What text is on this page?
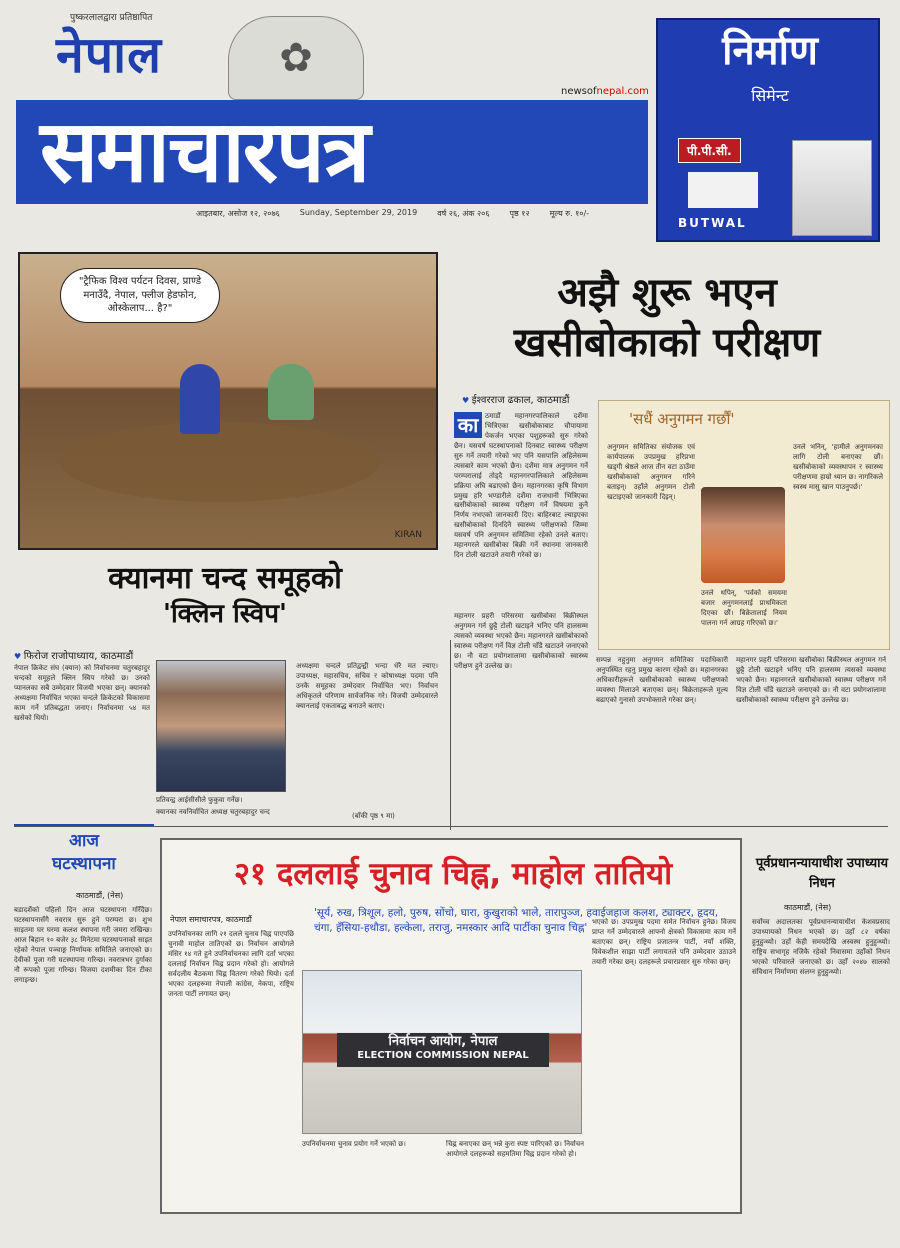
पुष्करलालद्वारा प्रतिष्ठापित
नेपाल	✿
newsofnepal.com
समाचारपत्र
आइतबार, असोज १२, २०७६	Sunday, September 29, 2019	वर्ष २६, अंक २०६	पृष्ठ १२	मूल्य रु. १०/-
निर्माण
सिमेन्ट
पी.पी.सी.
BUTWAL
"ट्रैफिक विश्व पर्यटन दिवस, प्राण्डे मनाउँदै, नेपाल, फ्लीज हेडफोन, ओस्केलाप... है?"
KIRAN
अझै शुरू भएन
खसीबोकाको परीक्षण
♥ ईश्वरराज ढकाल, काठमाडौं
का ठमाडौं महानगरपालिकाले दशैंमा भित्रिएका खसीबोकाबाट चौपायामा पेकर्जन भएका पशुहरूको सुरु गरेको छैन। यसवर्ष घटस्थापनाको दिनबाट स्वास्थ्य परीक्षण सुरु गर्ने तयारी गरेको भए पनि यसपालि अहिलेसम्म त्यसबारे काम भएको छैन। दशैंमा मात्र अनुगमन गर्ने परम्परालाई तोड्दै महानगरपालिकाले अहिलेसम्म प्रक्रिया अघि बढाएको छैन। महानगरका कृषि विभाग प्रमुख हरि भण्डारीले दशैंमा राजधानी भित्रिएका खसीबोकाको स्वास्थ्य परीक्षण गर्ने विषयमा कुनै निर्णय नभएको जानकारी दिए। बाहिरबाट ल्याइएका खसीबोकाको दिनदिनै स्वास्थ्य परीक्षणको जिम्मा यसवर्ष पनि अनुगमन समितिमा रहेको उनले बताए। महानगरले खसीबोका बिक्री गर्ने स्थानमा जानकारी दिन टोली खटाउने तयारी गरेको छ।
महानगर प्रहरी परिसरमा खसीबोका बिक्रीस्थल अनुगमन गर्न छुट्टै टोली खटाइने भनिए पनि हालसम्म त्यसको व्यवस्था भएको छैन। महानगरले खसीबोकाको स्वास्थ्य परीक्षण गर्ने विज्ञ टोली चाँडै खटाउने जनाएको छ। नौ वटा प्रयोगशालामा खसीबोकाको स्वास्थ्य परीक्षण हुने उल्लेख छ।
'सधैं अनुगमन गर्छौं'
अनुगमन समितिका संयोजक एवं कार्यपालक उपप्रमुख हरिप्रभा खड्गी श्रेष्ठले आज तीन वटा ठाउँमा खसीबोकाको अनुगमन गरिने बताइन्। उहाँले अनुगमन टोली खटाइएको जानकारी दिइन्।
उनले भनिन्, 'हामीले अनुगमनका लागि टोली बनाएका छौं। खसीबोकाको व्यवस्थापन र स्वास्थ्य परीक्षणमा हाम्रो ध्यान छ। नागरिकले स्वस्थ मासु खान पाउनुपर्छ।'
उनले थपिन्, 'पर्वको समयमा बजार अनुगमनलाई प्राथमिकता दिएका छौं। बिक्रेतालाई नियम पालना गर्न आग्रह गरिएको छ।'
सम्पन्न नहुनुमा अनुगमन समितिका पदाधिकारी अनुपस्थित रहनु प्रमुख कारण रहेको छ। महानगरका अधिकारीहरूले खसीबोकाको स्वास्थ्य परीक्षणको व्यवस्था मिलाउने बताएका छन्। बिक्रेताहरूले मूल्य बढाएको गुनासो उपभोक्ताले गरेका छन्।
महानगर प्रहरी परिसरमा खसीबोका बिक्रीस्थल अनुगमन गर्न छुट्टै टोली खटाइने भनिए पनि हालसम्म त्यसको व्यवस्था भएको छैन। महानगरले खसीबोकाको स्वास्थ्य परीक्षण गर्ने विज्ञ टोली चाँडै खटाउने जनाएको छ। नौ वटा प्रयोगशालामा खसीबोकाको स्वास्थ्य परीक्षण हुने उल्लेख छ।
क्यानमा चन्द समूहको
'क्लिन स्विप'
♥ फिरोज राजोपाध्याय, काठमाडौं
नेपाल क्रिकेट संघ (क्यान) को निर्वाचनमा चतुरबहादुर चन्दको समूहले क्लिन स्विप गरेको छ। उनको प्यानलका सबै उम्मेदवार विजयी भएका छन्। क्यानको अध्यक्षमा निर्वाचित भएका चन्दले क्रिकेटको विकासमा काम गर्ने प्रतिबद्धता जनाए। निर्वाचनमा ५४ मत खसेको थियो।
प्रतिवन्द्व आईसीसीले फुकुवा गर्नेछ।
क्यानका नवनिर्वाचित अध्यक्ष चतुरबहादुर चन्द
अध्यक्षमा चन्दले प्रतिद्वन्द्वी भन्दा धेरै मत ल्याए। उपाध्यक्ष, महासचिव, सचिव र कोषाध्यक्ष पदमा पनि उनकै समूहका उम्मेदवार निर्वाचित भए। निर्वाचन अधिकृतले परिणाम सार्वजनिक गरे। विजयी उम्मेदवारले क्यानलाई एकताबद्ध बनाउने बताए।
(बाँकी पृष्ठ ९ मा)
आज
घटस्थापना
काठमाडौं, (नेस)
बडादशैंको पहिलो दिन आज घटस्थापना गरिँदैछ। घटस्थापनासँगै नवरात्र सुरु हुने परम्परा छ। शुभ साइतमा घर घरमा कलश स्थापना गरी जमरा राखिन्छ। आज बिहान १० बजेर ३८ मिनेटमा घटस्थापनाको साइत रहेको नेपाल पञ्चाङ्ग निर्णायक समितिले जनाएको छ। देवीको पूजा गरी घटस्थापना गरिन्छ। नवरात्रभर दुर्गाका नौ रूपको पूजा गरिन्छ। विजया दशमीका दिन टीका लगाइन्छ।
२१ दललाई चुनाव चिह्न, माहोल तातियो
नेपाल समाचारपत्र, काठमाडौं
'सूर्य, रुख, त्रिशूल, हलो, पुरुष, सोंचो, घारा, कुखुराको भाले, तारापुञ्ज, हवाईजहाज कलश, ट्याक्टर, हृदय, चंगा, हँसिया-हथौडा, हल्केला, तराजु, नमस्कार आदि पार्टीका चुनाव चिह्न'
उपनिर्वाचनका लागि २१ दलले चुनाव चिह्न पाएपछि चुनावी माहोल तातिएको छ। निर्वाचन आयोगले मंसिर १४ गते हुने उपनिर्वाचनका लागि दर्ता भएका दललाई निर्वाचन चिह्न प्रदान गरेको हो। आयोगले सर्वदलीय बैठकमा चिह्न वितरण गरेको थियो। दर्ता भएका दलहरूमा नेपाली कांग्रेस, नेकपा, राष्ट्रिय जनता पार्टी लगायत छन्।
निर्वाचन आयोग, नेपाल
ELECTION COMMISSION NEPAL
उपनिर्वाचनमा चुनाव प्रयोग गर्ने भएको छ।	चिह्न बनाएका छन् भन्ने कुरा स्पष्ट पारिएको छ। निर्वाचन आयोगले दलहरूको सहमतिमा चिह्न प्रदान गरेको हो।
भएको छ। उपप्रमुख पदमा समेत निर्वाचन हुनेछ। विजय प्राप्त गर्ने उम्मेदवारले आफ्नो क्षेत्रको विकासमा काम गर्ने बताएका छन्। राष्ट्रिय प्रजातन्त्र पार्टी, नयाँ शक्ति, विवेकशील साझा पार्टी लगायतले पनि उम्मेदवार उठाउने तयारी गरेका छन्। दलहरूले प्रचारप्रसार सुरु गरेका छन्।
पूर्वप्रधानन्यायाधीश उपाध्याय निधन
काठमाडौं, (नेस)
सर्वोच्च अदालतका पूर्वप्रधानन्यायाधीश केशवप्रसाद उपाध्यायको निधन भएको छ। उहाँ ८२ वर्षका हुनुहुन्थ्यो। उहाँ केही समयदेखि अस्वस्थ हुनुहुन्थ्यो। राष्ट्रिय सभागृह नजिकै रहेको निवासमा उहाँको निधन भएको परिवारले जनाएको छ। उहाँ २०४७ सालको संविधान निर्माणमा संलग्न हुनुहुन्थ्यो।
